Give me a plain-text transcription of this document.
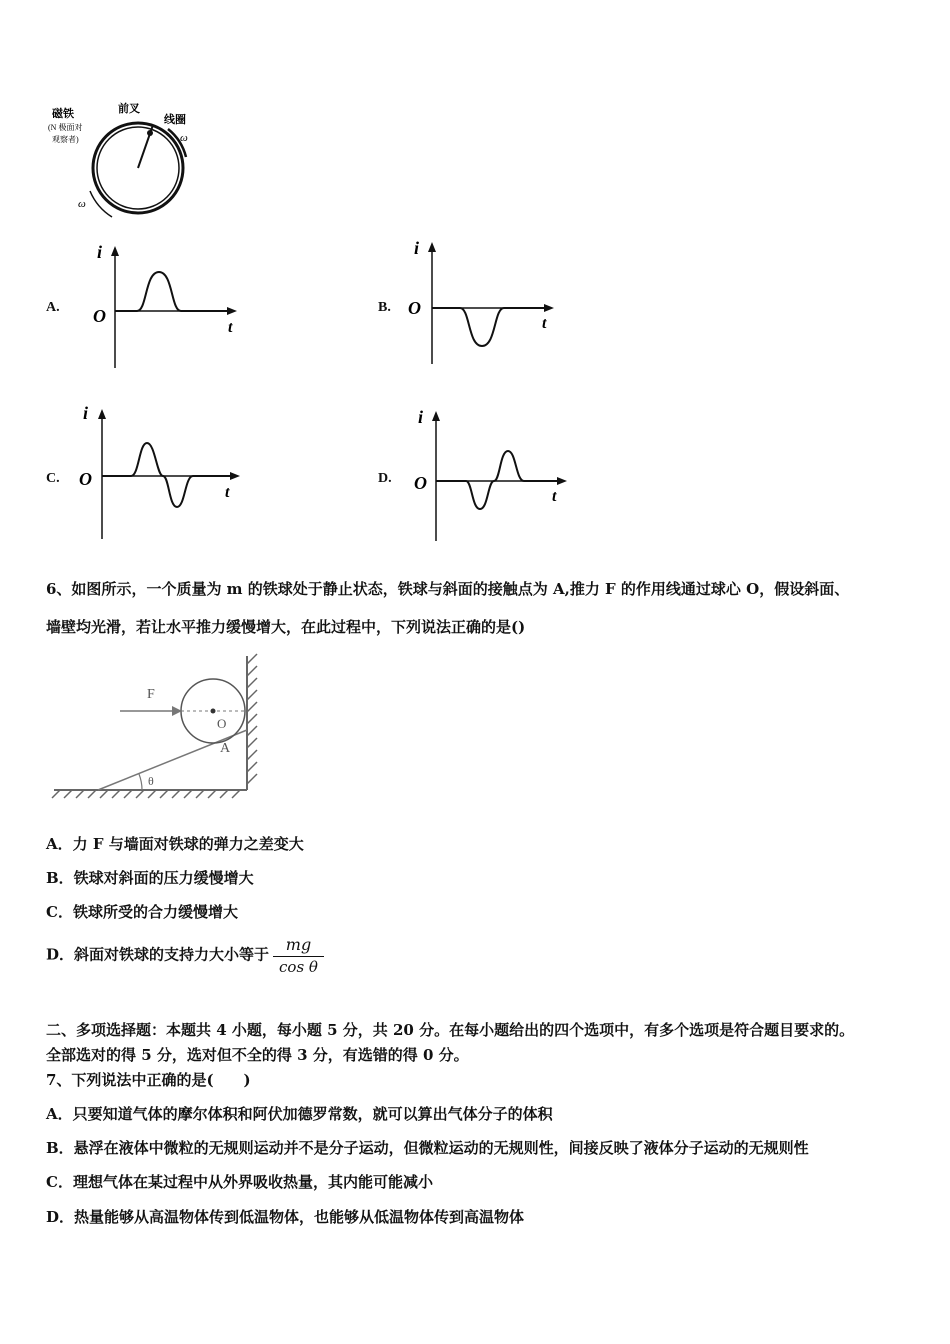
磁铁
(N 极面对
观察者)
前叉
线圈
ω
ω
A.
i
O
t
B.
i
O
t
C.
i
O
t
D.
i
O
t
6、如图所示，一个质量为 m 的铁球处于静止状态，铁球与斜面的接触点为 A,推力 F 的作用线通过球心 O，假设斜面、
墙壁均光滑，若让水平推力缓慢增大，在此过程中，下列说法正确的是()
F
O
A
θ
A．力 F 与墙面对铁球的弹力之差变大
B．铁球对斜面的压力缓慢增大
C．铁球所受的合力缓慢增大
D．斜面对铁球的支持力大小等于 $\frac{mg}{\text{cos θ}}$
二、多项选择题：本题共 4 小题，每小题 5 分，共 20 分。在每小题给出的四个选项中，有多个选项是符合题目要求的。
全部选对的得 5 分，选对但不全的得 3 分，有选错的得 0 分。
7、下列说法中正确的是(　　)
A．只要知道气体的摩尔体积和阿伏加德罗常数，就可以算出气体分子的体积
B．悬浮在液体中微粒的无规则运动并不是分子运动，但微粒运动的无规则性，间接反映了液体分子运动的无规则性
C．理想气体在某过程中从外界吸收热量，其内能可能减小
D．热量能够从高温物体传到低温物体，也能够从低温物体传到高温物体
